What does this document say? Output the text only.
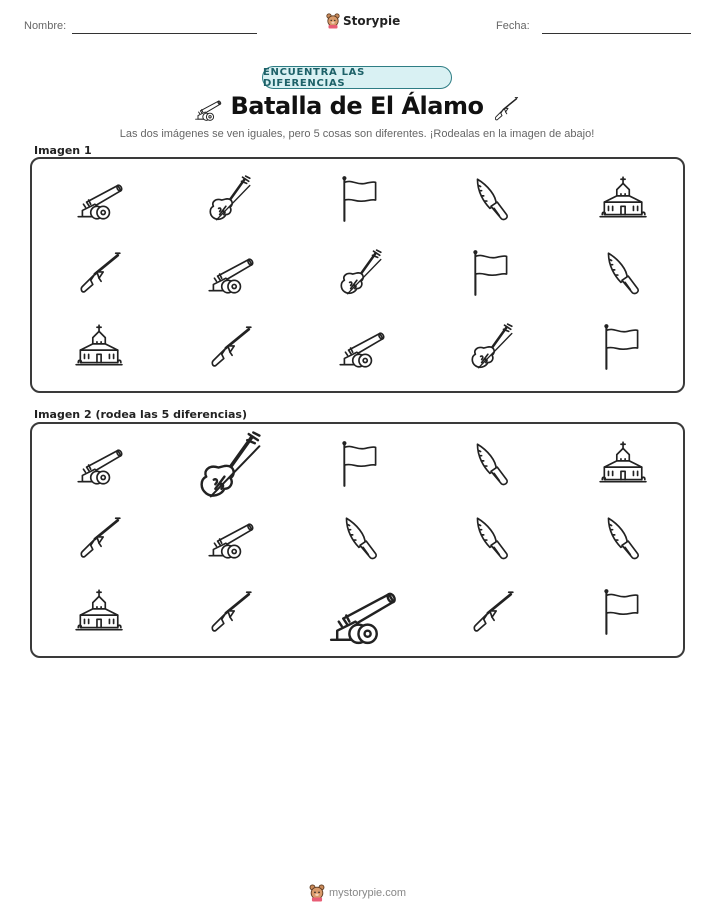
Nombre:	Storypie	Fecha:
ENCUENTRA LAS DIFERENCIAS
Batalla de El Álamo
Las dos imágenes se ven iguales, pero 5 cosas son diferentes. ¡Rodealas en la imagen de abajo!
Imagen 1
Imagen 2 (rodea las 5 diferencias)
mystorypie.com
